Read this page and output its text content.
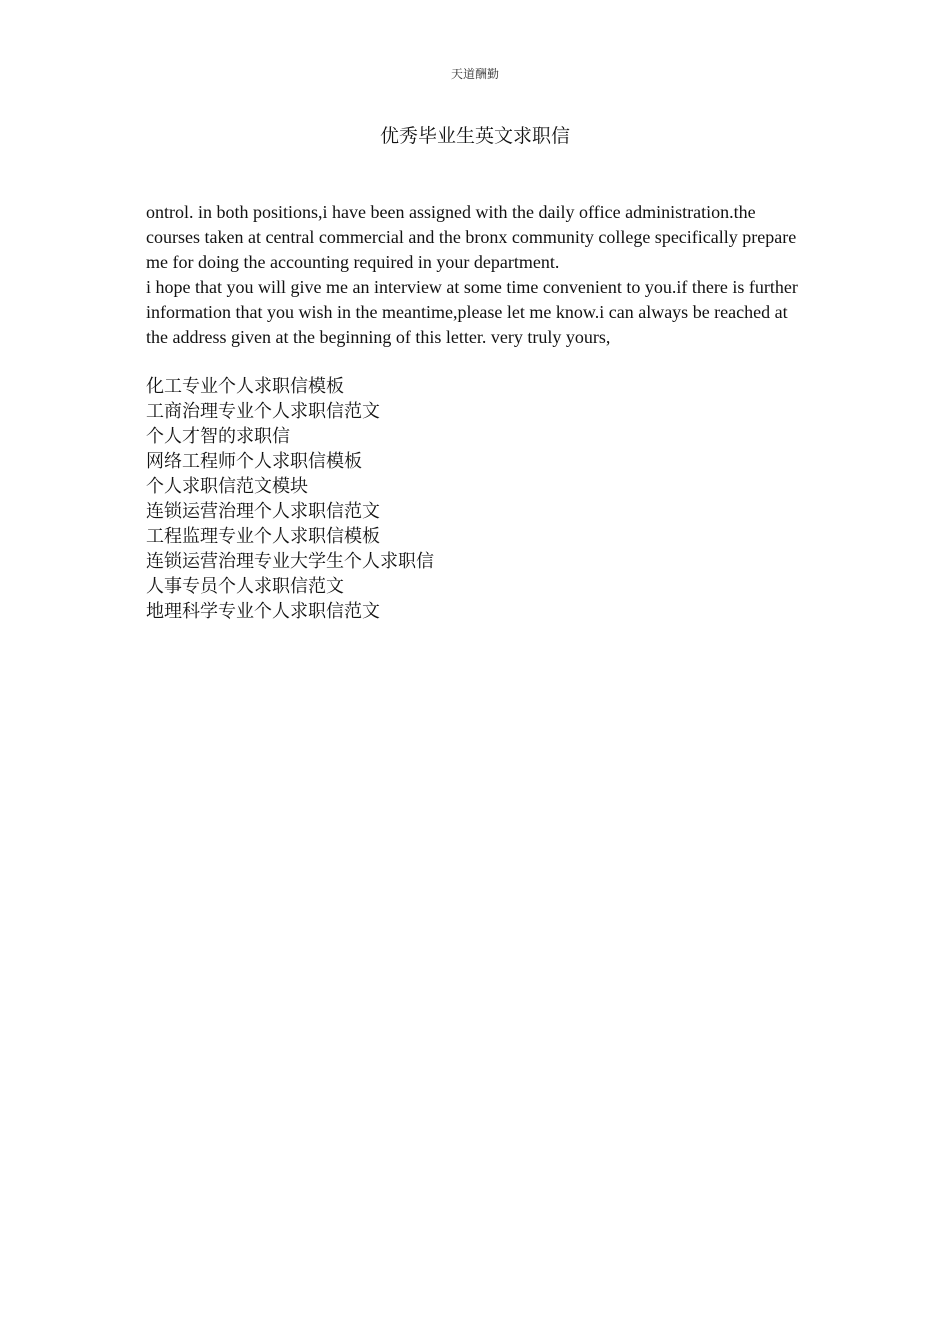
天道酬勤
优秀毕业生英文求职信

ontrol. in both positions,i have been assigned with the daily office administration.the courses taken at central commercial and the bronx community college specifically prepare me for doing the accounting required in your department.

i hope that you will give me an interview at some time convenient to you.if there is further information that you wish in the meantime,please let me know.i can always be reached at the address given at the beginning of this letter. very truly yours,

化工专业个人求职信模板
工商治理专业个人求职信范文
个人才智的求职信
网络工程师个人求职信模板
个人求职信范文模块
连锁运营治理个人求职信范文
工程监理专业个人求职信模板
连锁运营治理专业大学生个人求职信
人事专员个人求职信范文
地理科学专业个人求职信范文
